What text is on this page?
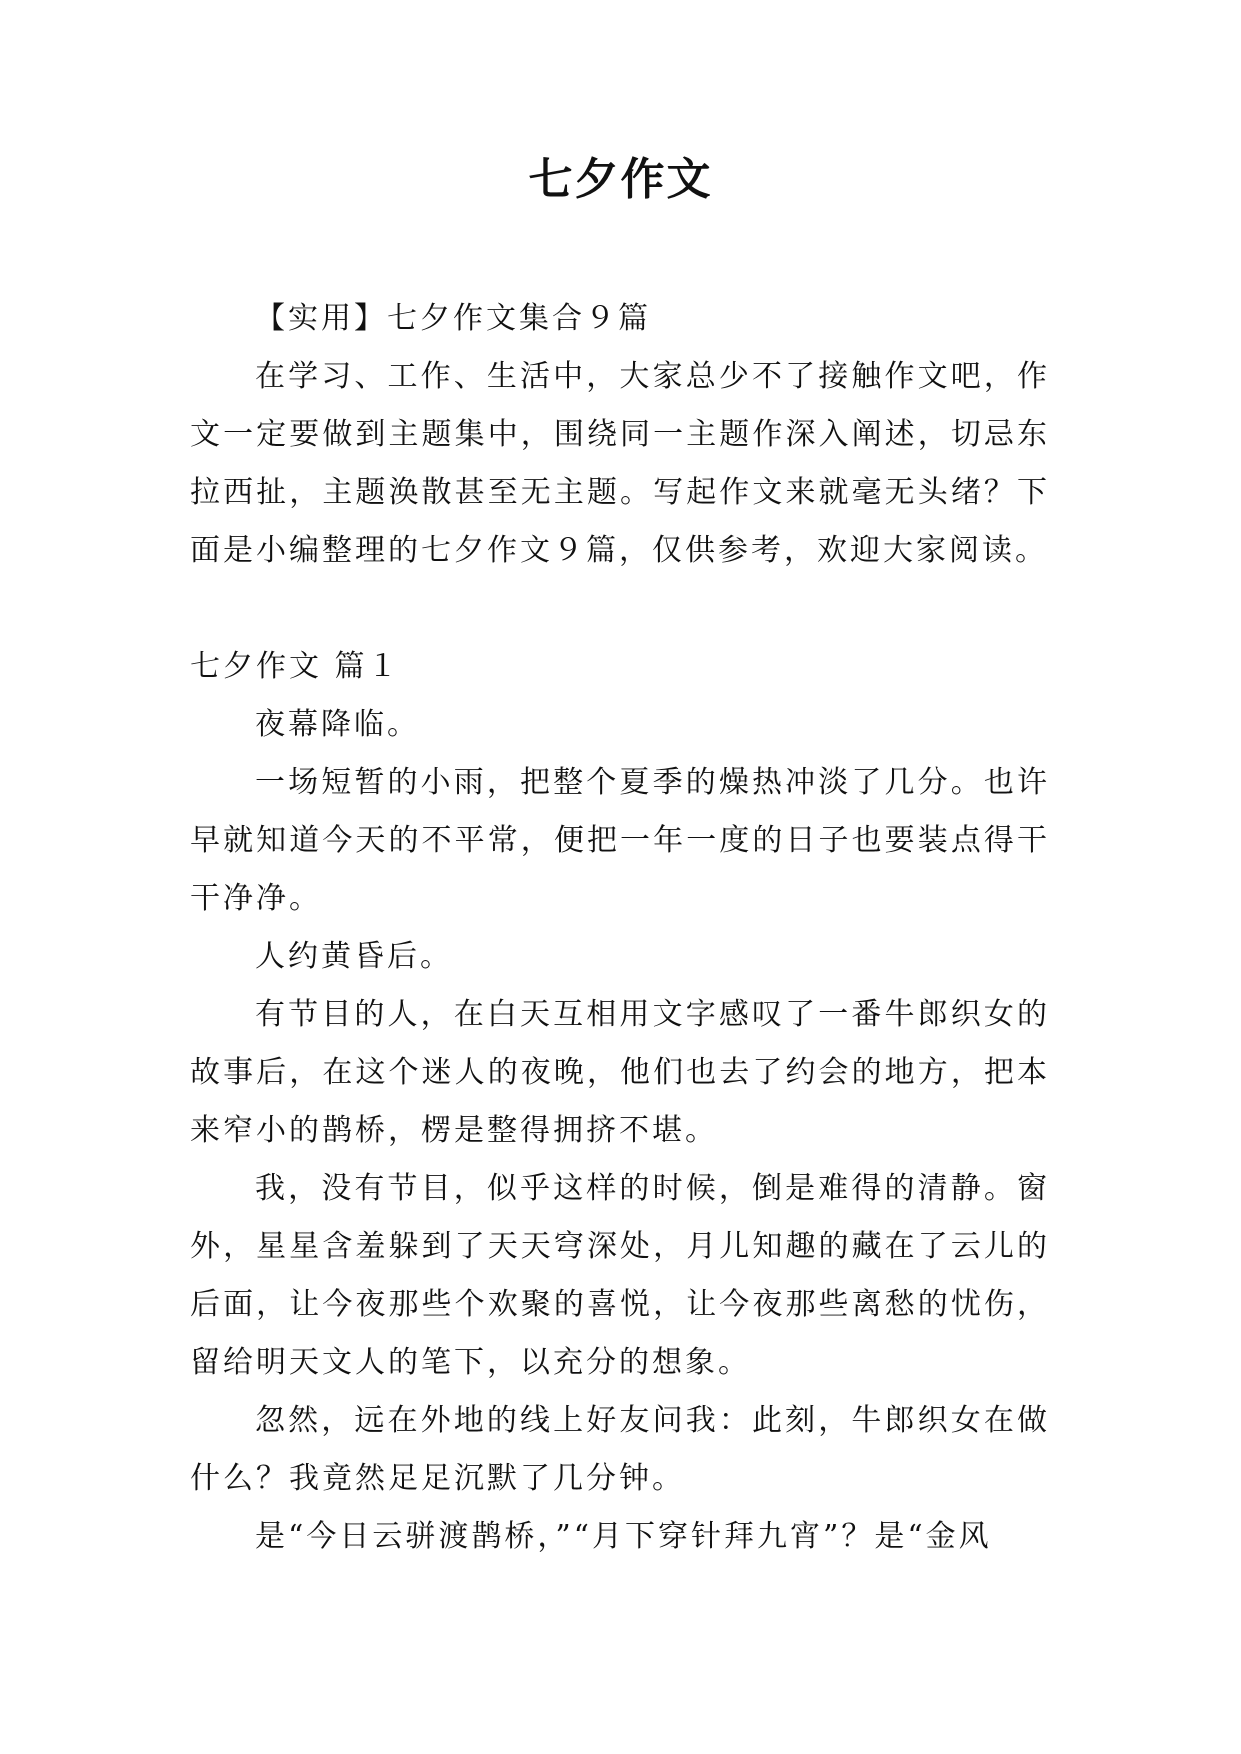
七夕作文

【实用】七夕作文集合９篇

在学习、工作、生活中，大家总少不了接触作文吧，作文一定要做到主题集中，围绕同一主题作深入阐述，切忌东拉西扯，主题涣散甚至无主题。写起作文来就毫无头绪？下面是小编整理的七夕作文９篇，仅供参考，欢迎大家阅读。

七夕作文 篇１

夜幕降临。

一场短暂的小雨，把整个夏季的燥热冲淡了几分。也许早就知道今天的不平常，便把一年一度的日子也要装点得干干净净。

人约黄昏后。

有节目的人，在白天互相用文字感叹了一番牛郎织女的故事后，在这个迷人的夜晚，他们也去了约会的地方，把本来窄小的鹊桥，楞是整得拥挤不堪。

我，没有节目，似乎这样的时候，倒是难得的清静。窗外，星星含羞躲到了天天穹深处，月儿知趣的藏在了云儿的后面，让今夜那些个欢聚的喜悦，让今夜那些离愁的忧伤，留给明天文人的笔下，以充分的想象。

忽然，远在外地的线上好友问我：此刻，牛郎织女在做什么？我竟然足足沉默了几分钟。

是“今日云骈渡鹊桥，”“月下穿针拜九宵”？是“金风
